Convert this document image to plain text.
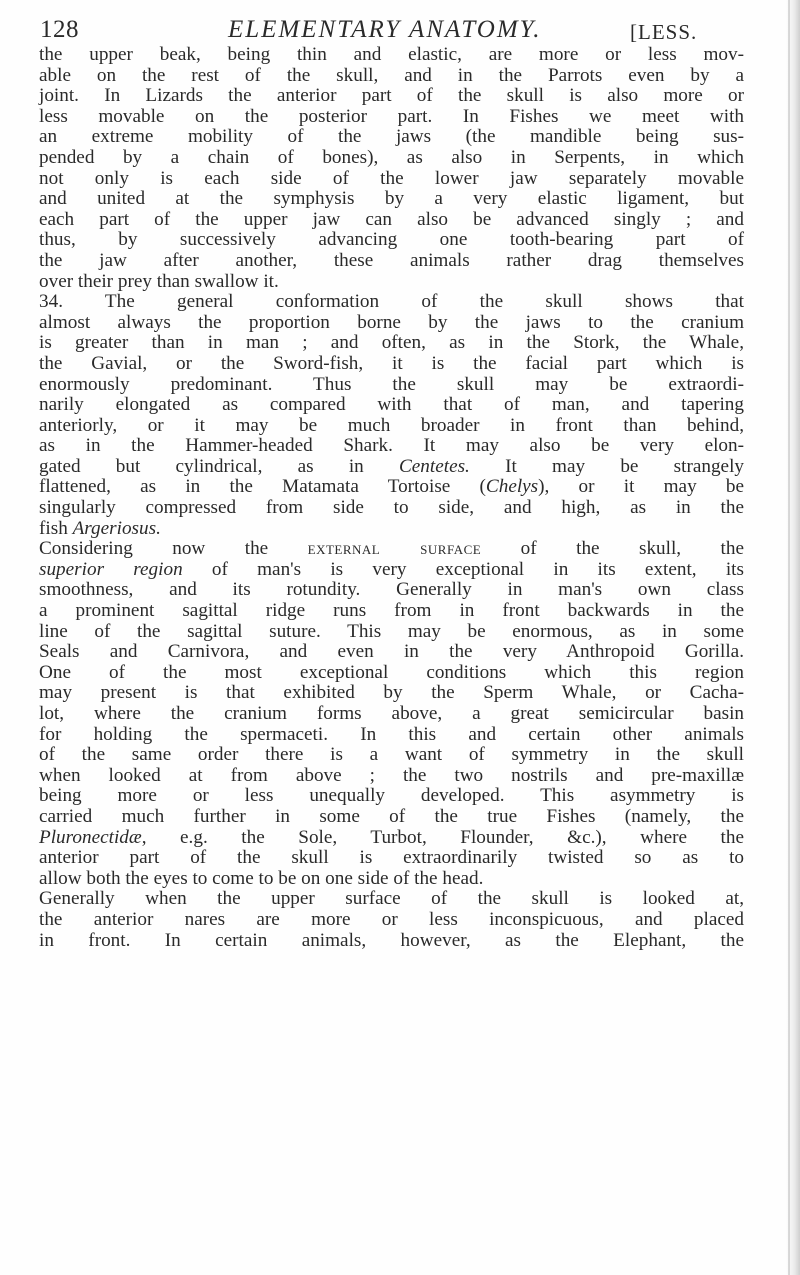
128	ELEMENTARY ANATOMY.	[LESS.
the upper beak, being thin and elastic, are more or less mov-
able on the rest of the skull, and in the Parrots even by a
joint. In Lizards the anterior part of the skull is also more or
less movable on the posterior part. In Fishes we meet with
an extreme mobility of the jaws (the mandible being sus-
pended by a chain of bones), as also in Serpents, in which
not only is each side of the lower jaw separately movable
and united at the symphysis by a very elastic ligament, but
each part of the upper jaw can also be advanced singly ; and
thus, by successively advancing one tooth-bearing part of
the jaw after another, these animals rather drag themselves
over their prey than swallow it.
34. The general conformation of the skull shows that
almost always the proportion borne by the jaws to the cranium
is greater than in man ; and often, as in the Stork, the Whale,
the Gavial, or the Sword-fish, it is the facial part which is
enormously predominant. Thus the skull may be extraordi-
narily elongated as compared with that of man, and tapering
anteriorly, or it may be much broader in front than behind,
as in the Hammer-headed Shark. It may also be very elon-
gated but cylindrical, as in Centetes. It may be strangely
flattened, as in the Matamata Tortoise (Chelys), or it may be
singularly compressed from side to side, and high, as in the
fish Argeriosus.
Considering now the external surface of the skull, the
superior region of man's is very exceptional in its extent, its
smoothness, and its rotundity. Generally in man's own class
a prominent sagittal ridge runs from in front backwards in the
line of the sagittal suture. This may be enormous, as in some
Seals and Carnivora, and even in the very Anthropoid Gorilla.
One of the most exceptional conditions which this region
may present is that exhibited by the Sperm Whale, or Cacha-
lot, where the cranium forms above, a great semicircular basin
for holding the spermaceti. In this and certain other animals
of the same order there is a want of symmetry in the skull
when looked at from above ; the two nostrils and pre-maxillæ
being more or less unequally developed. This asymmetry is
carried much further in some of the true Fishes (namely, the
Pluronectidæ, e.g. the Sole, Turbot, Flounder, &c.), where the
anterior part of the skull is extraordinarily twisted so as to
allow both the eyes to come to be on one side of the head.
Generally when the upper surface of the skull is looked at,
the anterior nares are more or less inconspicuous, and placed
in front. In certain animals, however, as the Elephant, the
